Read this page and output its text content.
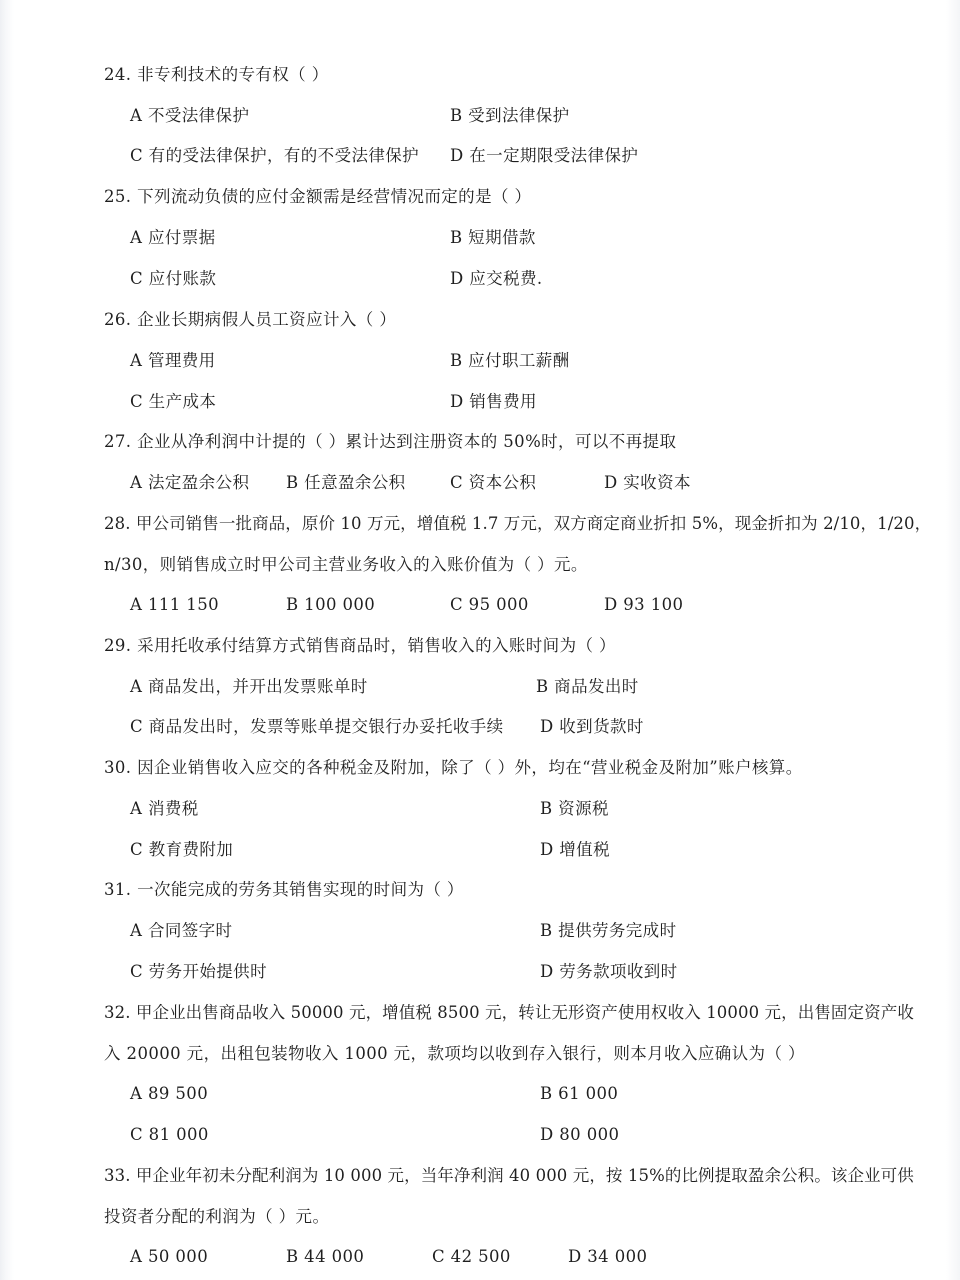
24. 非专利技术的专有权（ ）
A 不受法律保护	B 受到法律保护
C 有的受法律保护，有的不受法律保护 D 在一定期限受法律保护
25. 下列流动负债的应付金额需是经营情况而定的是（ ）
A 应付票据	B 短期借款
C 应付账款	D 应交税费.
26. 企业长期病假人员工资应计入（ ）
A 管理费用	B 应付职工薪酬
C 生产成本	D 销售费用
27. 企业从净利润中计提的（ ）累计达到注册资本的 50%时，可以不再提取
A 法定盈余公积 B 任意盈余公积	C 资本公积	D 实收资本
28. 甲公司销售一批商品，原价 10 万元，增值税 1.7 万元，双方商定商业折扣 5%，现金折扣为 2/10，1/20，
n/30，则销售成立时甲公司主营业务收入的入账价值为（ ）元。
A 111 150	B 100 000	C 95 000	D 93 100
29. 采用托收承付结算方式销售商品时，销售收入的入账时间为（ ）
A 商品发出，并开出发票账单时	B 商品发出时
C 商品发出时，发票等账单提交银行办妥托收手续 D 收到货款时
30. 因企业销售收入应交的各种税金及附加，除了（ ）外，均在“营业税金及附加”账户核算。
A 消费税	B 资源税
C 教育费附加	D 增值税
31. 一次能完成的劳务其销售实现的时间为（ ）
A 合同签字时	B 提供劳务完成时
C 劳务开始提供时	D 劳务款项收到时
32. 甲企业出售商品收入 50000 元，增值税 8500 元，转让无形资产使用权收入 10000 元，出售固定资产收
入 20000 元，出租包装物收入 1000 元，款项均以收到存入银行，则本月收入应确认为（ ）
A 89 500	B 61 000
C 81 000	D 80 000
33. 甲企业年初未分配利润为 10 000 元，当年净利润 40 000 元，按 15%的比例提取盈余公积。该企业可供
投资者分配的利润为（ ）元。
A 50 000	B 44 000	C 42 500	D 34 000
